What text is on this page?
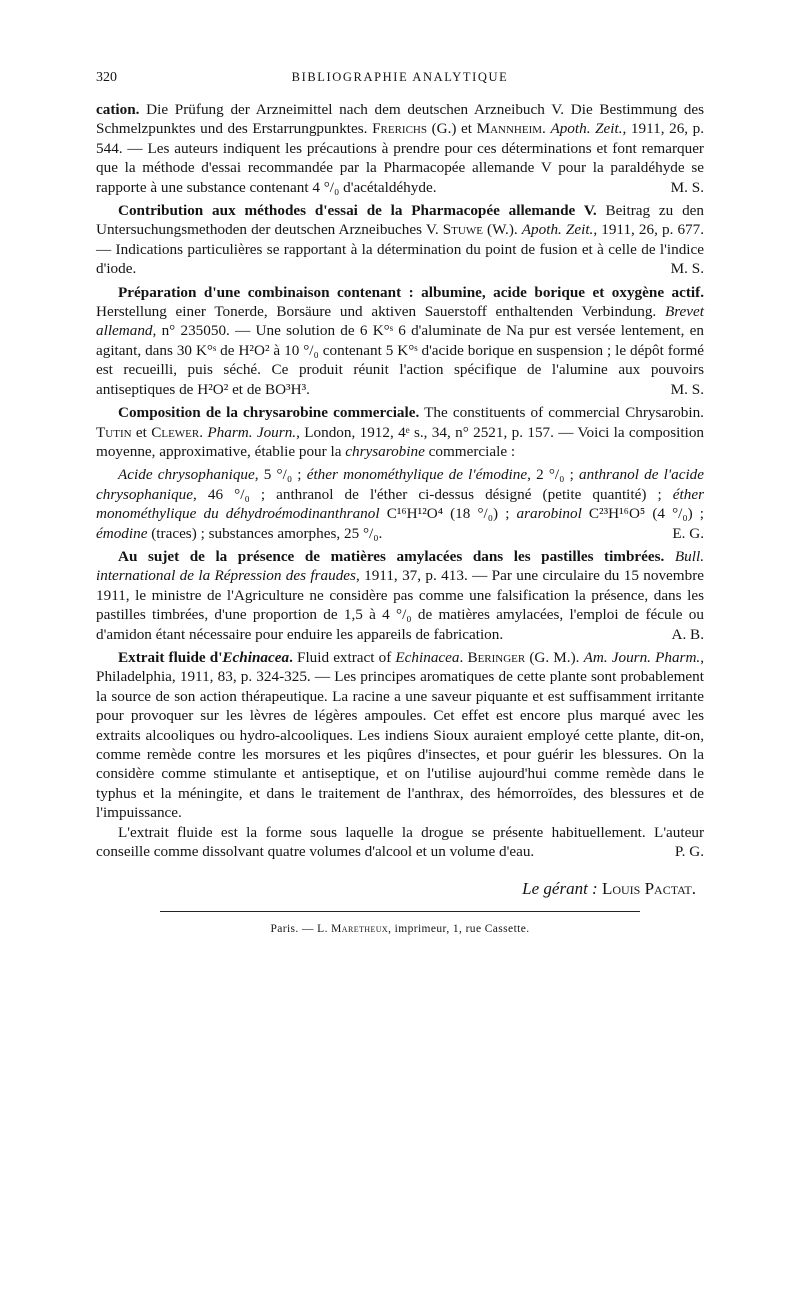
320	BIBLIOGRAPHIE ANALYTIQUE

cation. Die Prüfung der Arzneimittel nach dem deutschen Arzneibuch V. Die Bestimmung des Schmelzpunktes und des Erstarrungpunktes. Frerichs (G.) et Mannheim. Apoth. Zeit., 1911, 26, p. 544. — Les auteurs indiquent les précautions à prendre pour ces déterminations et font remarquer que la méthode d'essai recommandée par la Pharmacopée allemande V pour la paraldéhyde se rapporte à une substance contenant 4 °/₀ d'acétaldéhyde.	M. S.

Contribution aux méthodes d'essai de la Pharmacopée allemande V. Beitrag zu den Untersuchungsmethoden der deutschen Arzneibuches V. Stuwe (W.). Apoth. Zeit., 1911, 26, p. 677. — Indications particulières se rapportant à la détermination du point de fusion et à celle de l'indice d'iode.	M. S.

Préparation d'une combinaison contenant : albumine, acide borique et oxygène actif. Herstellung einer Tonerde, Borsäure und aktiven Sauerstoff enthaltenden Verbindung. Brevet allemand, n° 235050. — Une solution de 6 K°ˢ 6 d'aluminate de Na pur est versée lentement, en agitant, dans 30 K°ˢ de H²O² à 10 °/₀ contenant 5 K°ˢ d'acide borique en suspension ; le dépôt formé est recueilli, puis séché. Ce produit réunit l'action spécifique de l'alumine aux pouvoirs antiseptiques de H²O² et de BO³H³.	M. S.

Composition de la chrysarobine commerciale. The constituents of commercial Chrysarobin. Tutin et Clewer. Pharm. Journ., London, 1912, 4ᵉ s., 34, n° 2521, p. 157. — Voici la composition moyenne, approximative, établie pour la chrysarobine commerciale :

Acide chrysophanique, 5 °/₀ ; éther monométhylique de l'émodine, 2 °/₀ ; anthranol de l'acide chrysophanique, 46 °/₀ ; anthranol de l'éther ci-dessus désigné (petite quantité) ; éther monométhylique du déhydroémodinanthranol C¹⁶H¹²O⁴ (18 °/₀) ; ararobinol C²³H¹⁶O⁵ (4 °/₀) ; émodine (traces) ; substances amorphes, 25 °/₀.	E. G.

Au sujet de la présence de matières amylacées dans les pastilles timbrées. Bull. international de la Répression des fraudes, 1911, 37, p. 413. — Par une circulaire du 15 novembre 1911, le ministre de l'Agriculture ne considère pas comme une falsification la présence, dans les pastilles timbrées, d'une proportion de 1,5 à 4 °/₀ de matières amylacées, l'emploi de fécule ou d'amidon étant nécessaire pour enduire les appareils de fabrication.	A. B.

Extrait fluide d'Echinacea. Fluid extract of Echinacea. Beringer (G. M.). Am. Journ. Pharm., Philadelphia, 1911, 83, p. 324-325. — Les principes aromatiques de cette plante sont probablement la source de son action thérapeutique. La racine a une saveur piquante et est suffisamment irritante pour provoquer sur les lèvres de légères ampoules. Cet effet est encore plus marqué avec les extraits alcooliques ou hydro-alcooliques. Les indiens Sioux auraient employé cette plante, dit-on, comme remède contre les morsures et les piqûres d'insectes, et pour guérir les blessures. On la considère comme stimulante et antiseptique, et on l'utilise aujourd'hui comme remède dans le typhus et la méningite, et dans le traitement de l'anthrax, des hémorroïdes, des blessures et de l'impuissance.

L'extrait fluide est la forme sous laquelle la drogue se présente habituellement. L'auteur conseille comme dissolvant quatre volumes d'alcool et un volume d'eau.	P. G.

Le gérant : Louis Pactat.
Paris. — L. Maretheux, imprimeur, 1, rue Cassette.
